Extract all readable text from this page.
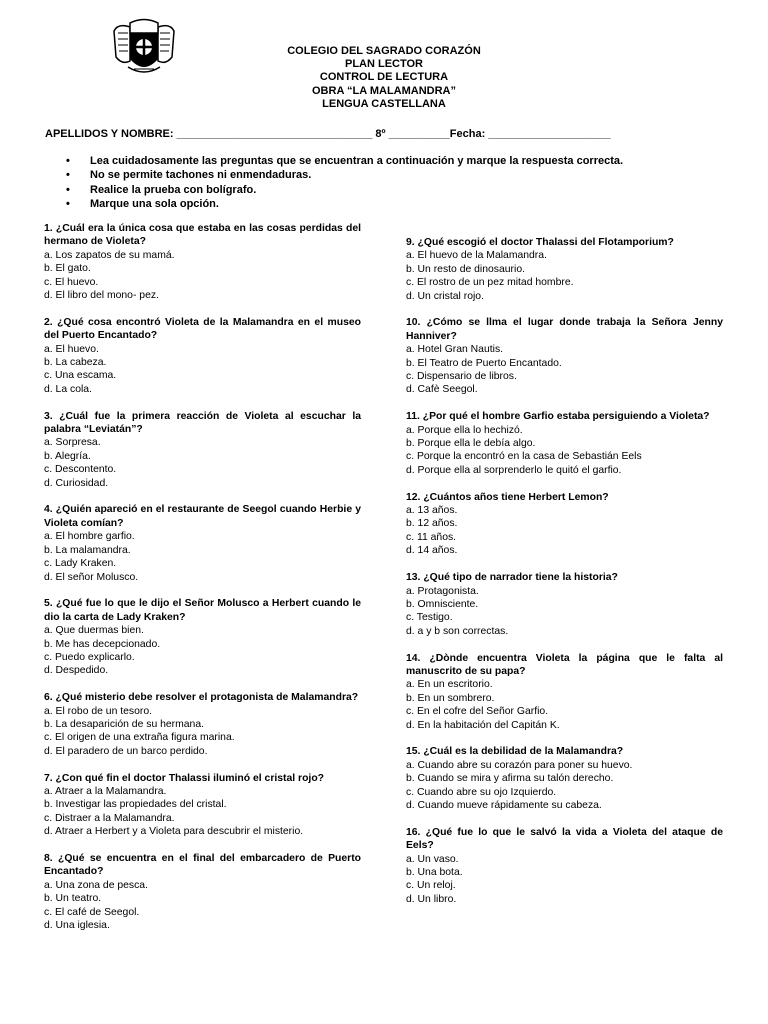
COLEGIO DEL SAGRADO CORAZÓN
PLAN LECTOR
CONTROL DE LECTURA
OBRA “LA MALAMANDRA”
LENGUA CASTELLANA
APELLIDOS Y NOMBRE: ________________________________ 8º __________Fecha: ____________________
• Lea cuidadosamente las preguntas que se encuentran a continuación y marque la respuesta correcta.
• No se permite tachones ni enmendaduras.
• Realice la prueba con bolígrafo.
• Marque una sola opción.
1. ¿Cuál era la única cosa que estaba en las cosas perdidas del hermano de Violeta?
a. Los zapatos de su mamá.
b. El gato.
c. El huevo.
d. El libro del mono- pez.
2. ¿Qué cosa encontró Violeta de la Malamandra en el museo del Puerto Encantado?
a. El huevo.
b. La cabeza.
c. Una escama.
d. La cola.
3. ¿Cuál fue la primera reacción de Violeta al escuchar la palabra “Leviatán”?
a. Sorpresa.
b. Alegría.
c. Descontento.
d. Curiosidad.
4. ¿Quién apareció en el restaurante de Seegol cuando Herbie y Violeta comían?
a. El hombre garfio.
b. La malamandra.
c. Lady Kraken.
d. El señor Molusco.
5. ¿Qué fue lo que le dijo el Señor Molusco a Herbert cuando le dio la carta de Lady Kraken?
a. Que duermas bien.
b. Me has decepcionado.
c. Puedo explicarlo.
d. Despedido.
6. ¿Qué misterio debe resolver el protagonista de Malamandra?
a. El robo de un tesoro.
b. La desaparición de su hermana.
c. El origen de una extraña figura marina.
d. El paradero de un barco perdido.
7. ¿Con qué fin el doctor Thalassi iluminó el cristal rojo?
a. Atraer a la Malamandra.
b. Investigar las propiedades del cristal.
c. Distraer a la Malamandra.
d. Atraer a Herbert y a Violeta para descubrir el misterio.
8. ¿Qué se encuentra en el final del embarcadero de Puerto Encantado?
a. Una zona de pesca.
b. Un teatro.
c. El café de Seegol.
d. Una iglesia.
9. ¿Qué escogió el doctor Thalassi del Flotamporium?
a. El huevo de la Malamandra.
b. Un resto de dinosaurio.
c. El rostro de un pez mitad hombre.
d. Un cristal rojo.
10. ¿Cómo se llma el lugar donde trabaja la Señora Jenny Hanniver?
a. Hotel Gran Nautis.
b. El Teatro de Puerto Encantado.
c. Dispensario de libros.
d. Cafè Seegol.
11. ¿Por qué el hombre Garfio estaba persiguiendo a Violeta?
a. Porque ella lo hechizó.
b. Porque ella le debía algo.
c. Porque la encontró en la casa de Sebastián Eels
d. Porque ella al sorprenderlo le quitó el garfio.
12. ¿Cuántos años tiene Herbert Lemon?
a. 13 años.
b. 12 años.
c. 11 años.
d. 14 años.
13. ¿Qué tipo de narrador tiene la historia?
a. Protagonista.
b. Omnisciente.
c. Testigo.
d. a y b son correctas.
14. ¿Dònde encuentra Violeta la página que le falta al manuscrito de su papa?
a. En un escritorio.
b. En un sombrero.
c. En el cofre del Señor Garfio.
d. En la habitación del Capitán K.
15. ¿Cuál es la debilidad de la Malamandra?
a. Cuando abre su corazón para poner su huevo.
b. Cuando se mira y afirma su talón derecho.
c. Cuando abre su ojo Izquierdo.
d. Cuando mueve rápidamente su cabeza.
16. ¿Qué fue lo que le salvó la vida a Violeta del ataque de Eels?
a. Un vaso.
b. Una bota.
c. Un reloj.
d. Un libro.
